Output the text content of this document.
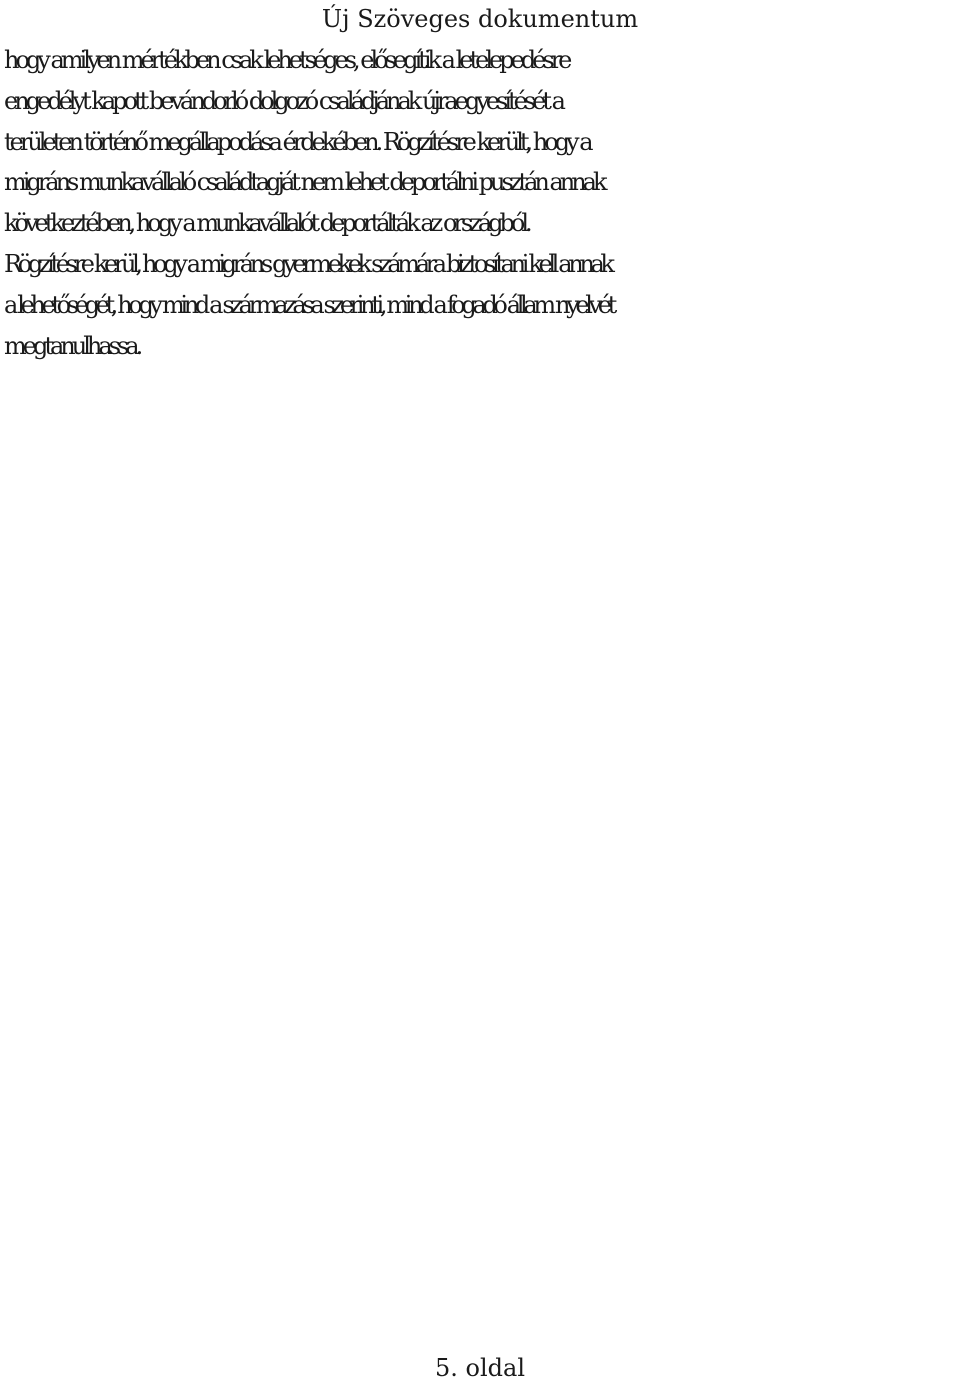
Új Szöveges dokumentum
hogy amilyen mértékben csak lehetséges, elősegítik a letelepedésre
engedélyt kapott bevándorló dolgozó családjának újraegyesítését a
területen történő megállapodása érdekében. Rögzítésre került, hogy a
migráns munkavállaló családtagját nem lehet deportálni pusztán annak
következtében, hogy a munkavállalót deportálták az országból.
Rögzítésre kerül, hogy a migráns gyermekek számára biztosítani kell annak
a lehetőségét, hogy mind a származása szerinti, mind a fogadó állam nyelvét
megtanulhassa.
5. oldal
